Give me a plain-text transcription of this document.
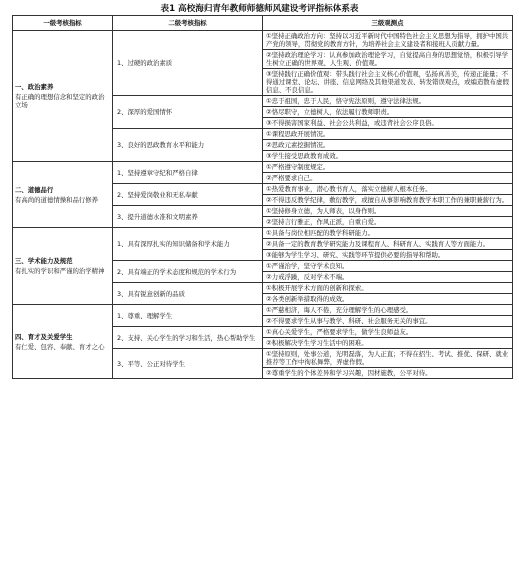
表1 高校海归青年教师师德师风建设考评指标体系表
一级考核指标	二级考核指标	三级观测点

一、政治素养
有正确的理想信念和坚定的政治立场	1、过硬的政治素质	①坚持正确政治方向：坚持以习近平新时代中国特色社会主义思想为指导，拥护中国共产党的领导，贯彻党的教育方针，为培养社会主义建设者和接班人贡献力量。
		②坚持政治理论学习：认真参加政治理论学习，自觉提高自身的思想觉悟，积极引导学生树立正确的世界观、人生观、价值观。
		③坚持践行正确价值观：带头践行社会主义核心价值观，弘扬真善美，传递正能量；不得通过课堂、论坛、讲座、信息网络及其他渠道发表、转发错误观点，或编造散布虚假信息、不良信息。
	2、深厚的爱国情怀	①忠于祖国，忠于人民，恪守宪法原则，遵守法律法规。
		②恪尽职守，立德树人，依法履行教师职责。
		③不得损害国家利益、社会公共利益，或违背社会公序良俗。
	3、良好的思政教育水平和能力	①课程思政开展情况。
		②思政元素挖掘情况。
		③学生接受思政教育成效。

二、道德品行
有高尚的道德情操和品行修养	1、坚持遵章守纪和严格自律	①严格遵守制度规定。
		②严格要求自己。
	2、坚持爱岗敬业和无私奉献	①热爱教育事业，潜心教书育人，落实立德树人根本任务。
		②不得违反教学纪律，敷衍教学，或擅自从事影响教育教学本职工作的兼职兼薪行为。
	3、提升道德水准和文明素养	①坚持修身立德，为人师表，以身作则。
		②坚持言行雅正，作风正派，自重自爱。

三、学术能力及规范
有扎实的学识和严谨的治学精神	1、具有深厚扎实的知识储备和学术能力	①具备与岗位相匹配的教学科研能力。
		②具备一定的教育教学研究能力及课程育人、科研育人、实践育人等方面能力。
		③能够为学生学习、研究、实践等环节提供必要的指导和帮助。
	2、具有端正的学术态度和规范的学术行为	①严谨治学，坚守学术良知。
		②力戒浮躁，反对学术不端。
	3、具有锐意创新的品质	①积极开展学术方面的创新和探索。
		②各类创新举措取得的成效。

四、育才及关爱学生
有仁爱、包容、奉献、育才之心	1、尊重、理解学生	①严慈相济，诲人不倦，充分理解学生的心理感受。
		②不得要求学生从事与教学、科研、社会服务无关的事宜。
	2、支持、关心学生的学习和生活，热心帮助学生	①真心关爱学生，严格要求学生，做学生良师益友。
		②积极解决学生学习生活中的困难。
	3、平等、公正对待学生	①坚持原则，处事公道，光明磊落，为人正直；不得在招生、考试、推优、保研、就业推荐等工作中徇私舞弊，弄虚作假。
		②尊重学生的个体差异和学习兴趣，因材施教，公平对待。
